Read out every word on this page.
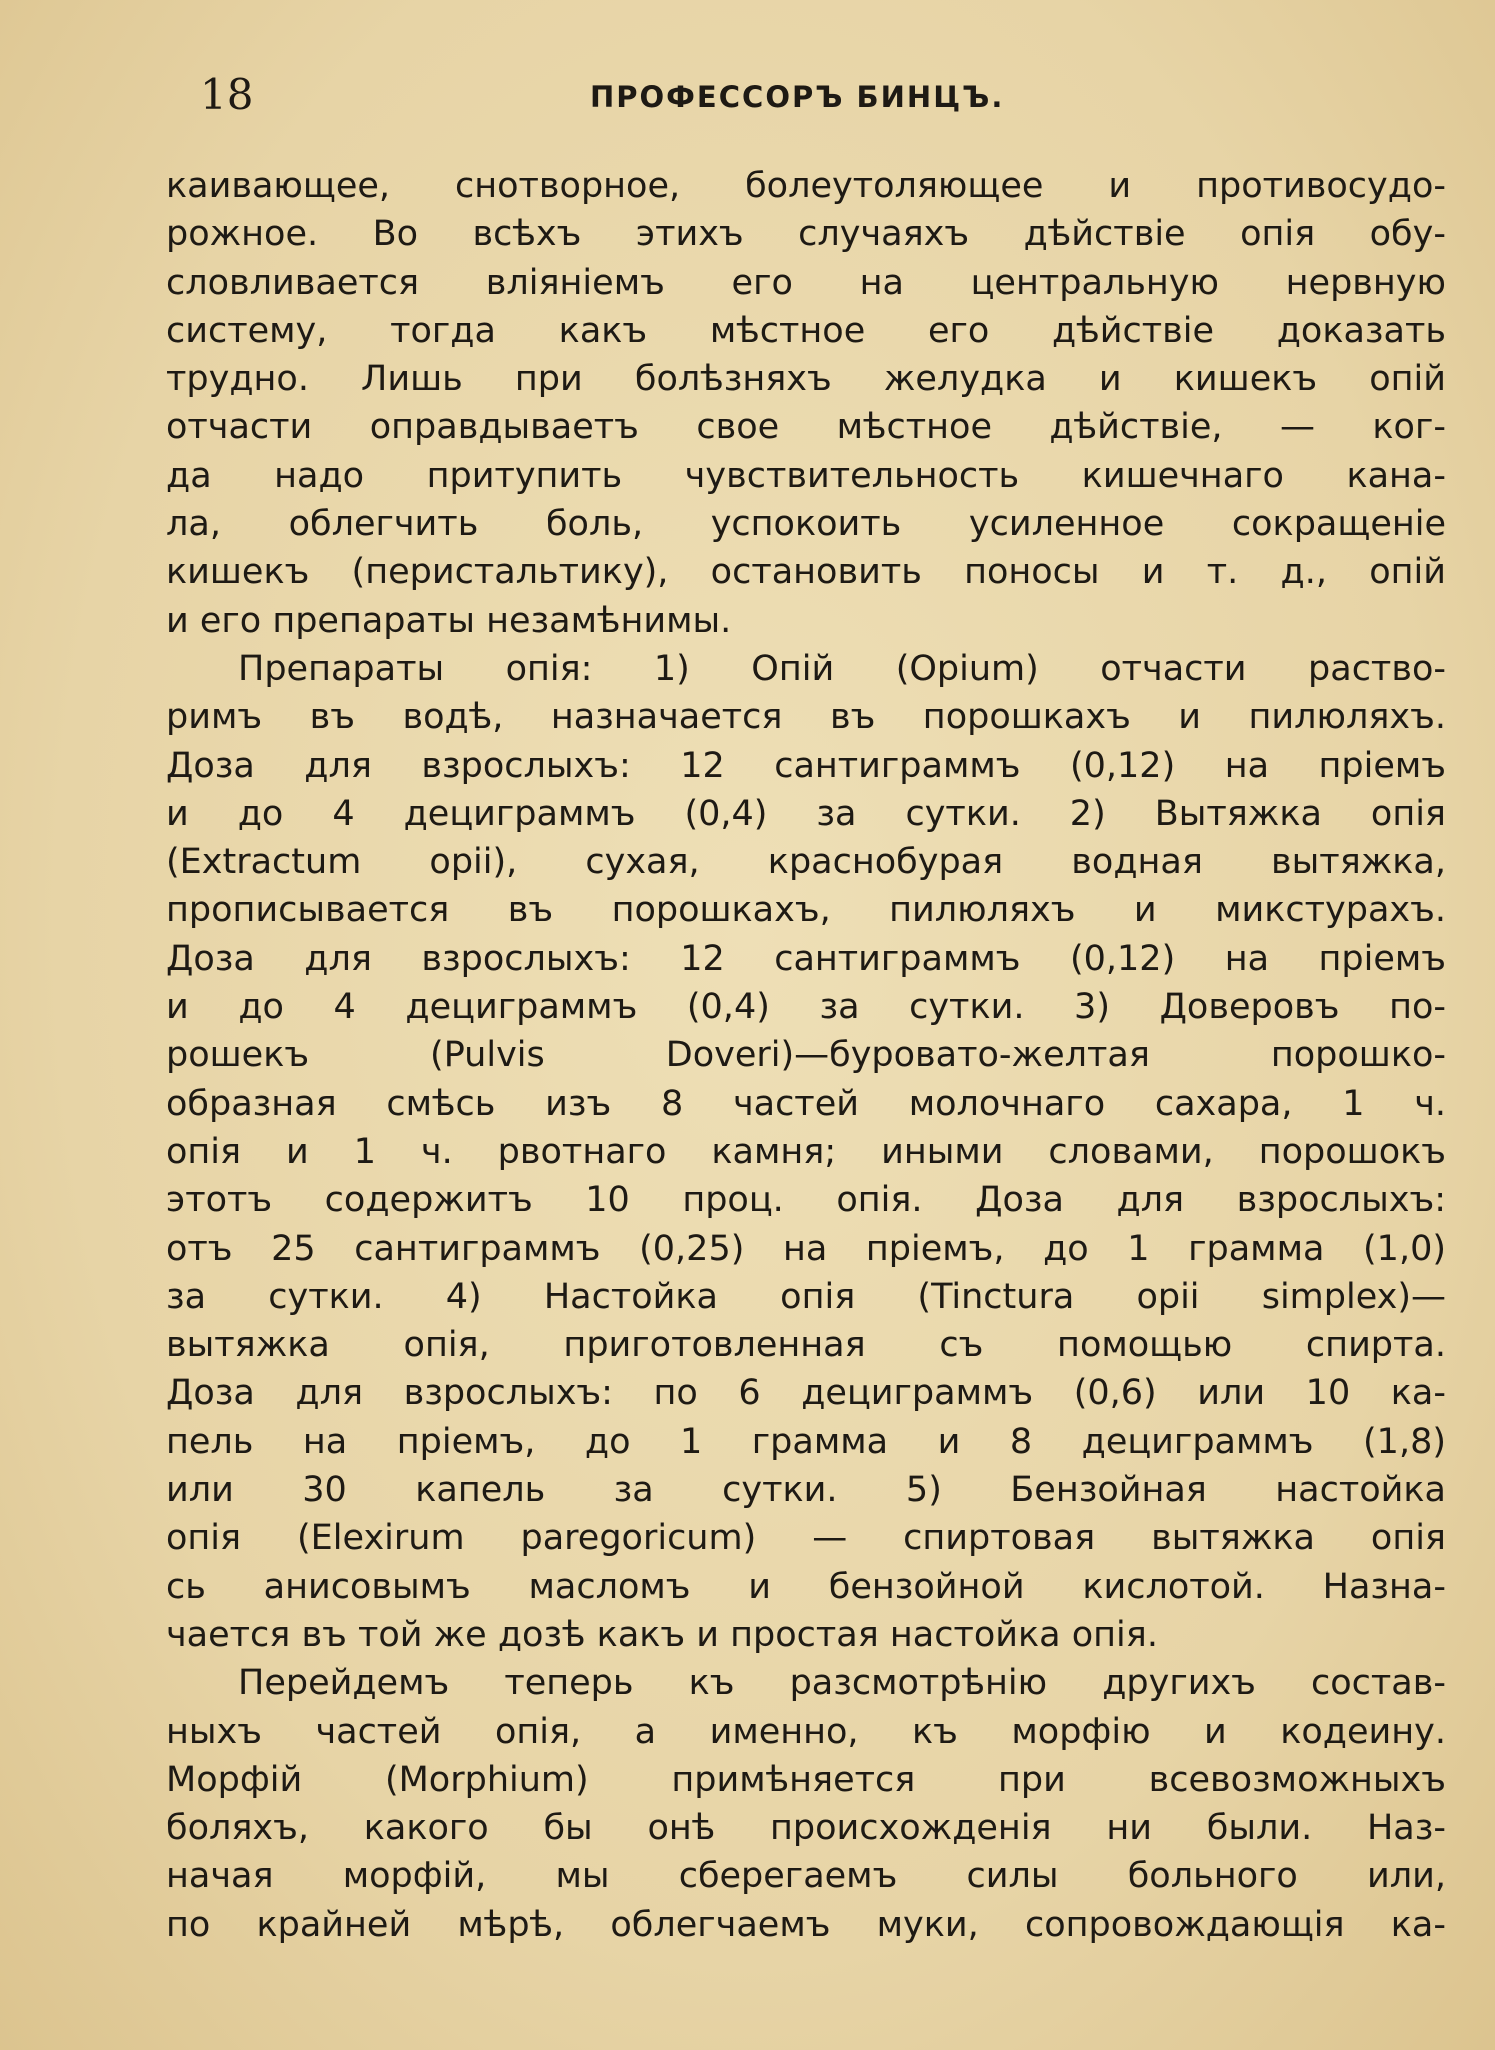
18	ПРОФЕССОРЪ БИНЦЪ.
каивающее, снотворное, болеутоляющее и противосудо-
рожное. Во всѣхъ этихъ случаяхъ дѣйствіе опія обу-
словливается вліяніемъ его на центральную нервную
систему, тогда какъ мѣстное его дѣйствіе доказать
трудно. Лишь при болѣзняхъ желудка и кишекъ опій
отчасти оправдываетъ свое мѣстное дѣйствіе, — ког-
да надо притупить чувствительность кишечнаго кана-
ла, облегчить боль, успокоить усиленное сокращеніе
кишекъ (перистальтику), остановить поносы и т. д., опій
и его препараты незамѣнимы.
Препараты опія: 1) Опій (Opium) отчасти раство-
римъ въ водѣ, назначается въ порошкахъ и пилюляхъ.
Доза для взрослыхъ: 12 сантиграммъ (0,12) на пріемъ
и до 4 дециграммъ (0,4) за сутки. 2) Вытяжка опія
(Extractum opii), сухая, краснобурая водная вытяжка,
прописывается въ порошкахъ, пилюляхъ и микстурахъ.
Доза для взрослыхъ: 12 сантиграммъ (0,12) на пріемъ
и до 4 дециграммъ (0,4) за сутки. 3) Доверовъ по-
рошекъ (Pulvis Doveri)—буровато-желтая порошко-
образная смѣсь изъ 8 частей молочнаго сахара, 1 ч.
опія и 1 ч. рвотнаго камня; иными словами, порошокъ
этотъ содержитъ 10 проц. опія. Доза для взрослыхъ:
отъ 25 сантиграммъ (0,25) на пріемъ, до 1 грамма (1,0)
за сутки. 4) Настойка опія (Tinctura opii simplex)—
вытяжка опія, приготовленная съ помощью спирта.
Доза для взрослыхъ: по 6 дециграммъ (0,6) или 10 ка-
пель на пріемъ, до 1 грамма и 8 дециграммъ (1,8)
или 30 капель за сутки. 5) Бензойная настойка
опія (Elexirum paregoricum) — спиртовая вытяжка опія
сь анисовымъ масломъ и бензойной кислотой. Назна-
чается въ той же дозѣ какъ и простая настойка опія.
Перейдемъ теперь къ разсмотрѣнію другихъ состав-
ныхъ частей опія, а именно, къ морфію и кодеину.
Морфій (Morphium) примѣняется при всевозможныхъ
боляхъ, какого бы онѣ происхожденія ни были. Наз-
начая морфій, мы сберегаемъ силы больного или,
по крайней мѣрѣ, облегчаемъ муки, сопровождающія ка-
